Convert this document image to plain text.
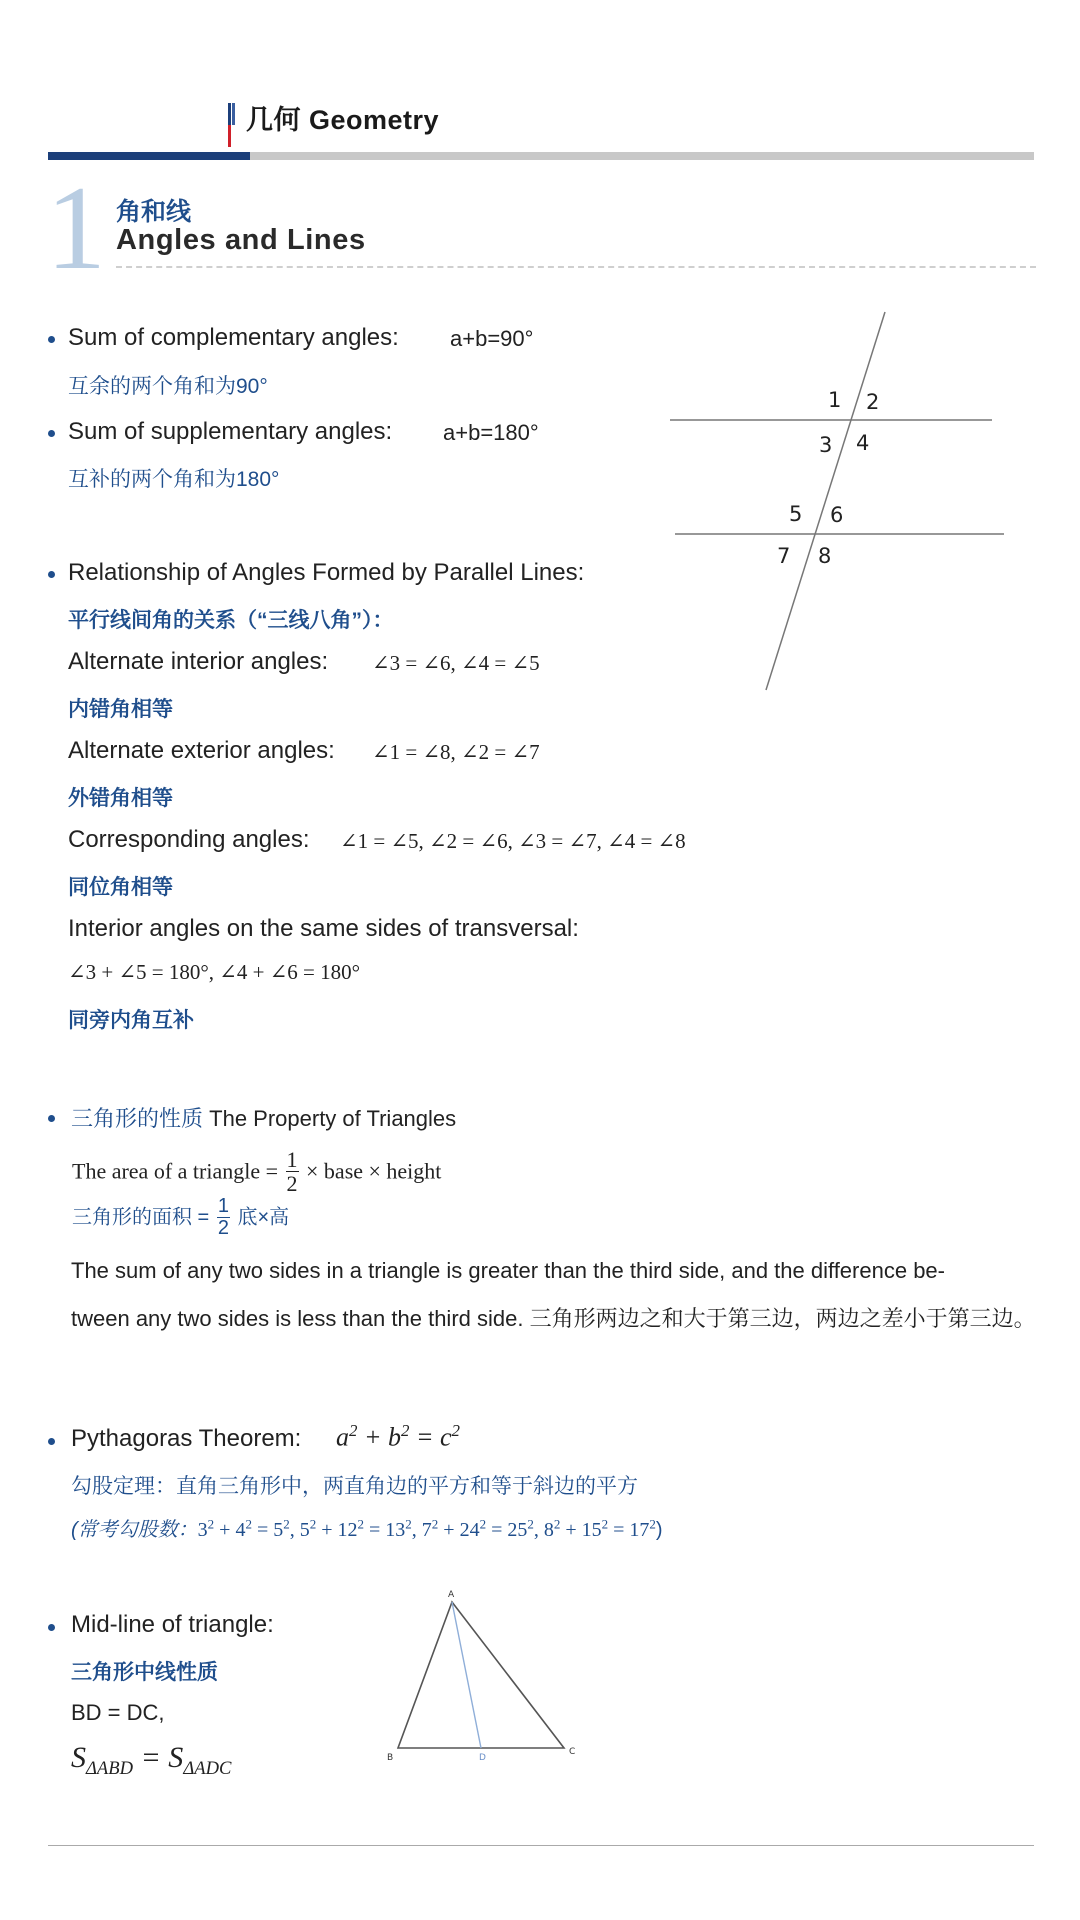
几何 Geometry
1 角和线
Angles and Lines
Sum of complementary angles: a+b=90°
互余的两个角和为90°
Sum of supplementary angles: a+b=180°
互补的两个角和为180°
1 2
3 4
5 6
7 8
Relationship of Angles Formed by Parallel Lines:
平行线间角的关系（“三线八角”）：
Alternate interior angles: ∠3 = ∠6, ∠4 = ∠5
内错角相等
Alternate exterior angles: ∠1 = ∠8, ∠2 = ∠7
外错角相等
Corresponding angles: ∠1 = ∠5, ∠2 = ∠6, ∠3 = ∠7, ∠4 = ∠8
同位角相等
Interior angles on the same sides of transversal:
∠3 + ∠5 = 180°, ∠4 + ∠6 = 180°
同旁内角互补
三角形的性质 The Property of Triangles
The area of a triangle = $\frac{1}{2}$ × base × height
三角形的面积 = $\frac{1}{2}$ 底×高
The sum of any two sides in a triangle is greater than the third side, and the difference be-
tween any two sides is less than the third side. 三角形两边之和大于第三边，两边之差小于第三边。
Pythagoras Theorem: $a^2 + b^2 = c^2$
勾股定理：直角三角形中，两直角边的平方和等于斜边的平方
(常考勾股数：$3^2 + 4^2 = 5^2$, $5^2 + 12^2 = 13^2$, $7^2 + 24^2 = 25^2$, $8^2 + 15^2 = 17^2$)
Mid-line of triangle:
三角形中线性质
BD = DC,
$S_{\Delta ABD} = S_{\Delta ADC}$
A
B
C
D
